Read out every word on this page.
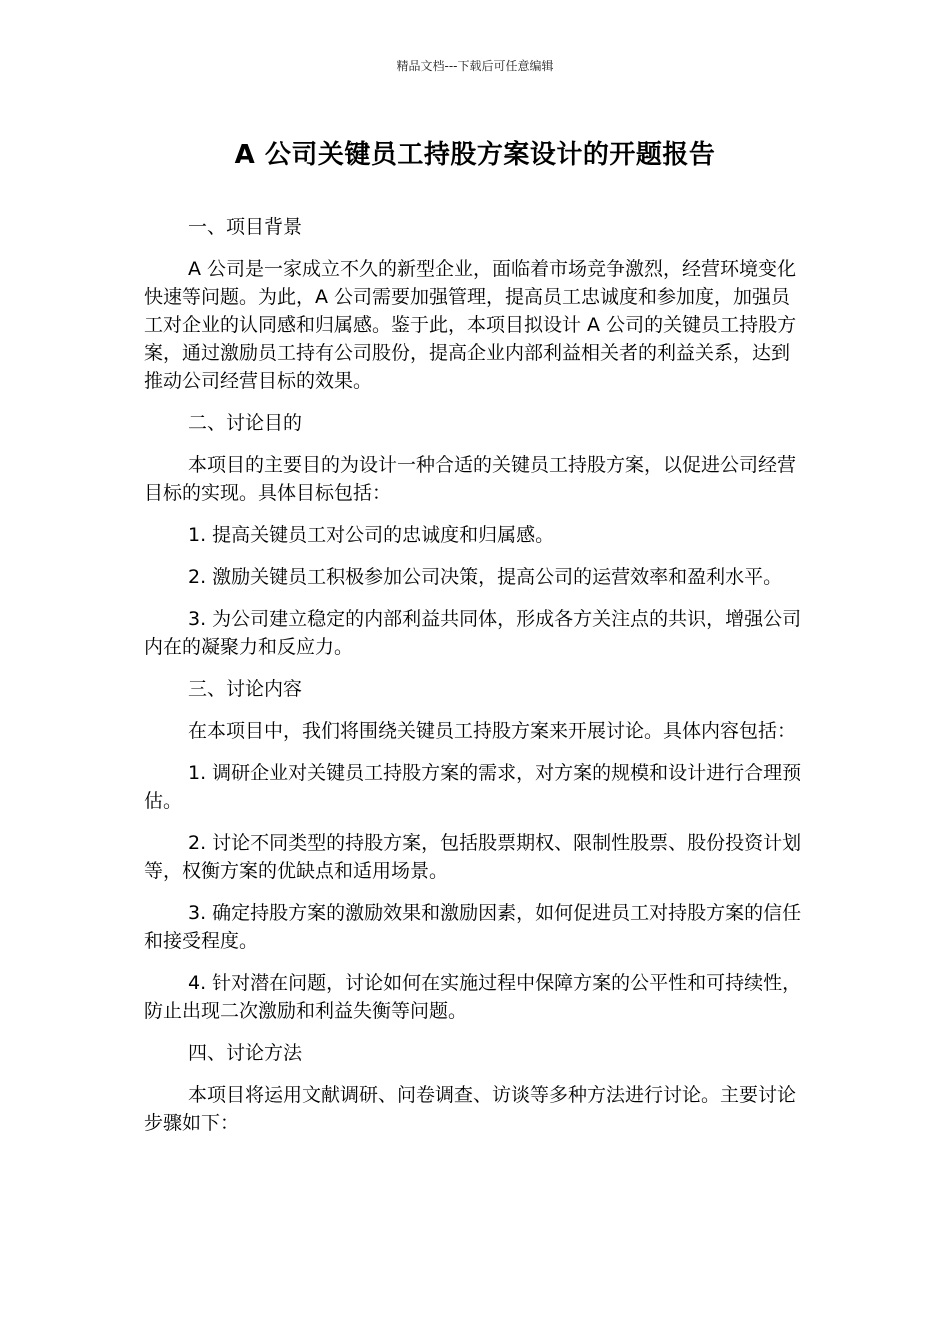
精品文档---下载后可任意编辑
A 公司关键员工持股方案设计的开题报告

一、项目背景

A 公司是一家成立不久的新型企业，面临着市场竞争激烈，经营环境变化快速等问题。为此，A 公司需要加强管理，提高员工忠诚度和参加度，加强员工对企业的认同感和归属感。鉴于此，本项目拟设计 A 公司的关键员工持股方案，通过激励员工持有公司股份，提高企业内部利益相关者的利益关系，达到推动公司经营目标的效果。

二、讨论目的

本项目的主要目的为设计一种合适的关键员工持股方案，以促进公司经营目标的实现。具体目标包括：

1. 提高关键员工对公司的忠诚度和归属感。

2. 激励关键员工积极参加公司决策，提高公司的运营效率和盈利水平。

3. 为公司建立稳定的内部利益共同体，形成各方关注点的共识，增强公司内在的凝聚力和反应力。

三、讨论内容

在本项目中，我们将围绕关键员工持股方案来开展讨论。具体内容包括：

1. 调研企业对关键员工持股方案的需求，对方案的规模和设计进行合理预估。

2. 讨论不同类型的持股方案，包括股票期权、限制性股票、股份投资计划等，权衡方案的优缺点和适用场景。

3. 确定持股方案的激励效果和激励因素，如何促进员工对持股方案的信任和接受程度。

4. 针对潜在问题，讨论如何在实施过程中保障方案的公平性和可持续性，防止出现二次激励和利益失衡等问题。

四、讨论方法

本项目将运用文献调研、问卷调查、访谈等多种方法进行讨论。主要讨论步骤如下：
